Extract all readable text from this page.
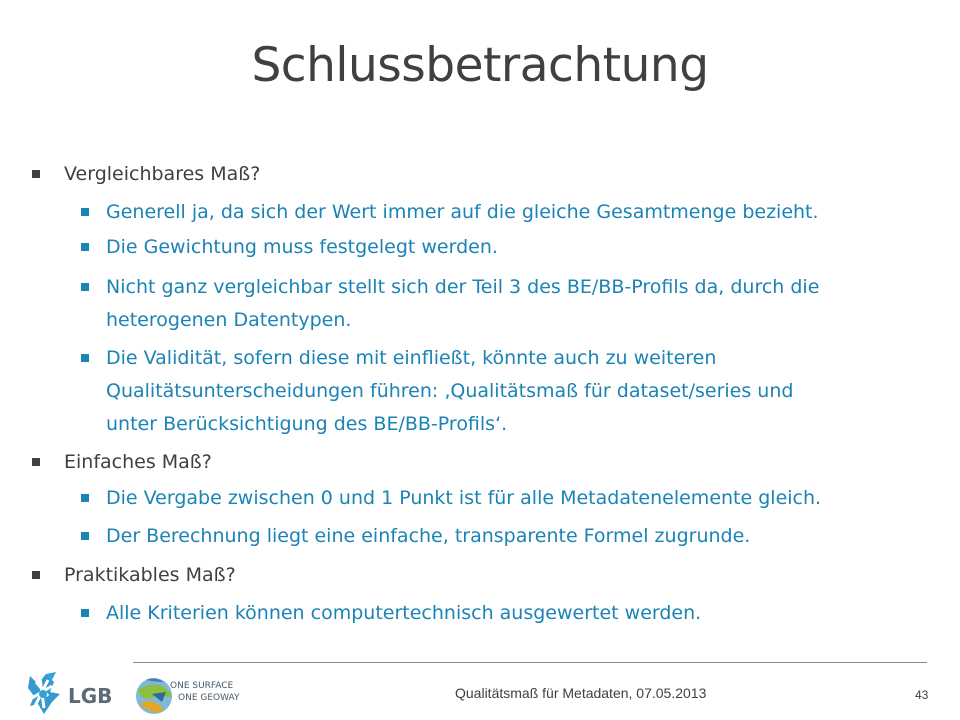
Schlussbetrachtung
Vergleichbares Maß?
Generell ja, da sich der Wert immer auf die gleiche Gesamtmenge bezieht.
Die Gewichtung muss festgelegt werden.
Nicht ganz vergleichbar stellt sich der Teil 3 des BE/BB-Profils da, durch die
heterogenen Datentypen.
Die Validität, sofern diese mit einfließt, könnte auch zu weiteren
Qualitätsunterscheidungen führen: ‚Qualitätsmaß für dataset/series und
unter Berücksichtigung des BE/BB-Profils‘.
Einfaches Maß?
Die Vergabe zwischen 0 und 1 Punkt ist für alle Metadatenelemente gleich.
Der Berechnung liegt eine einfache, transparente Formel zugrunde.
Praktikables Maß?
Alle Kriterien können computertechnisch ausgewertet werden.
LGB	ONE SURFACE
ONE GEOWAY	Qualitätsmaß für Metadaten, 07.05.2013	43
